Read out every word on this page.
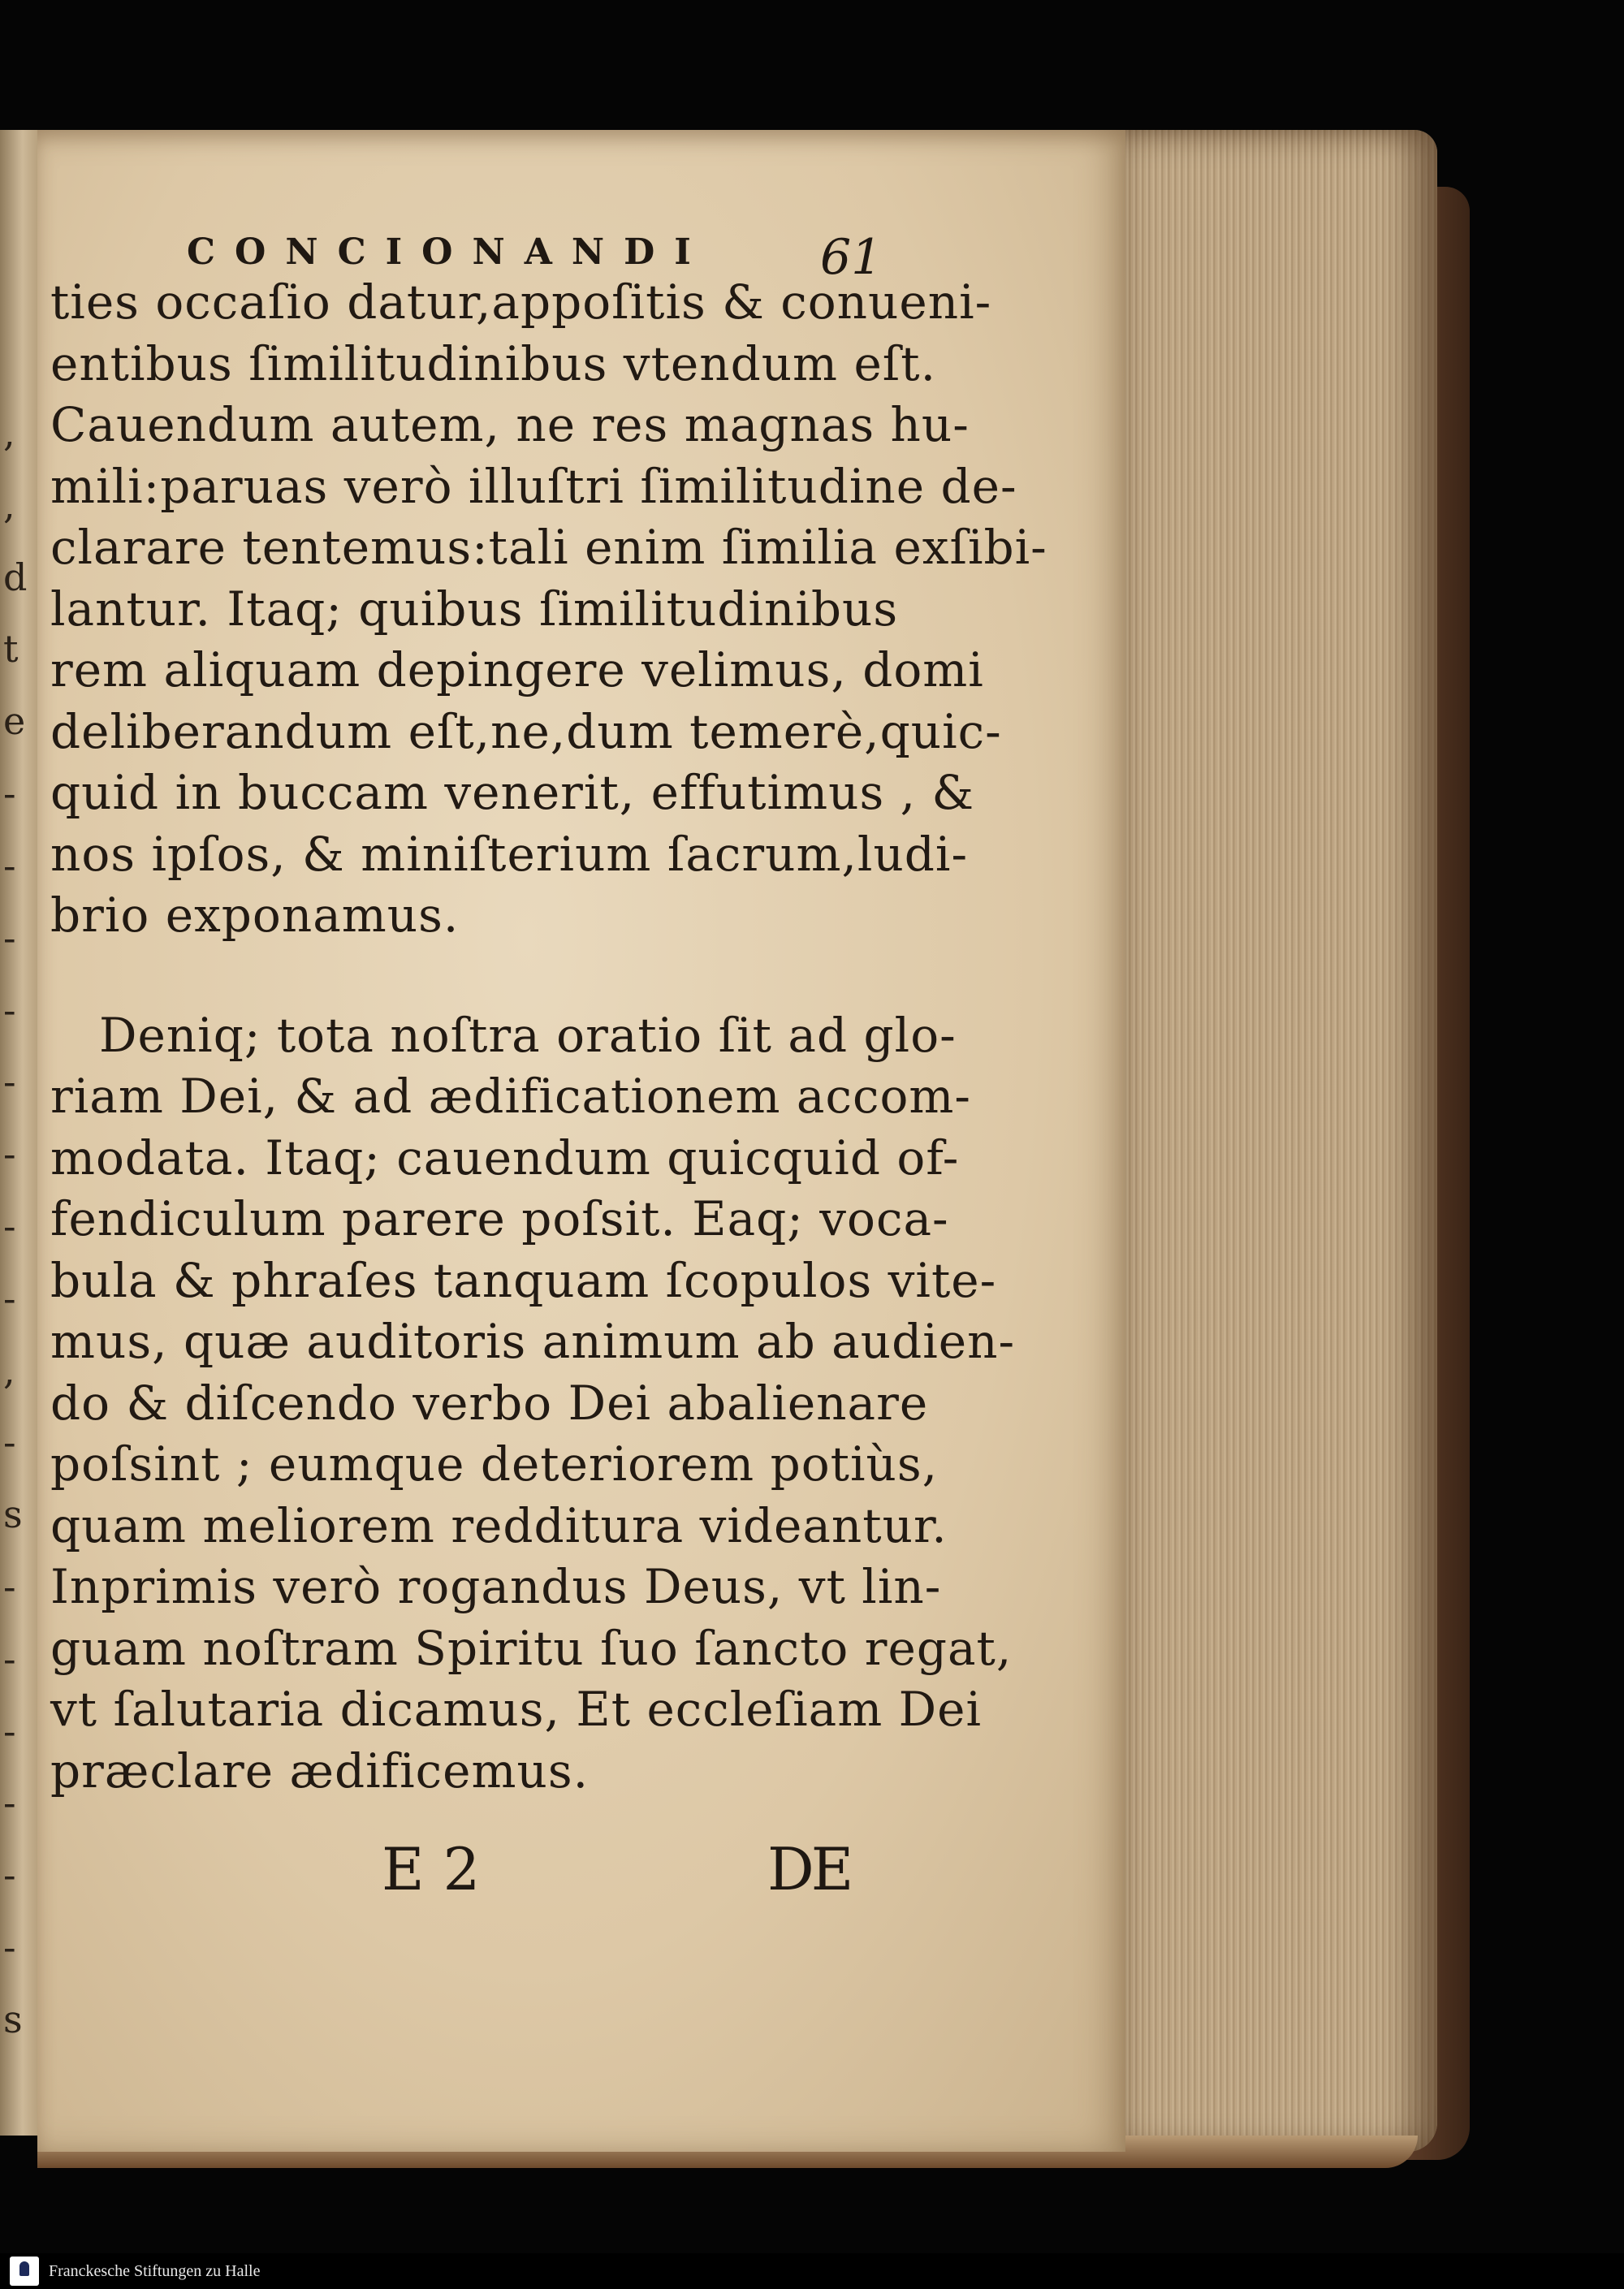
,
,
d
t
e
-
-
-
-
-
-
-
-
,
-
s
-
-
-
-
-
-
s
CONCIONANDI	61
ties occaſio datur,appoſitis & conueni-
entibus ſimilitudinibus vtendum eſt.
Cauendum autem, ne res magnas hu-
mili:paruas verò illuſtri ſimilitudine de-
clarare tentemus:tali enim ſimilia exſibi-
lantur. Itaq; quibus ſimilitudinibus
rem aliquam depingere velimus, domi
deliberandum eſt,ne,dum temerè,quic-
quid in buccam venerit, effutimus , &
nos ipſos, & miniſterium ſacrum,ludi-
brio exponamus.
Deniq; tota noſtra oratio ſit ad glo-
riam Dei, & ad ædificationem accom-
modata. Itaq; cauendum quicquid of-
fendiculum parere poſsit. Eaq; voca-
bula & phraſes tanquam ſcopulos vite-
mus, quæ auditoris animum ab audien-
do & diſcendo verbo Dei abalienare
poſsint ; eumque deteriorem potiùs,
quam meliorem redditura videantur.
Inprimis verò rogandus Deus, vt lin-
guam noſtram Spiritu ſuo ſancto regat,
vt ſalutaria dicamus, Et eccleſiam Dei
præclare ædificemus.
E 2	DE
Franckesche Stiftungen zu Halle
